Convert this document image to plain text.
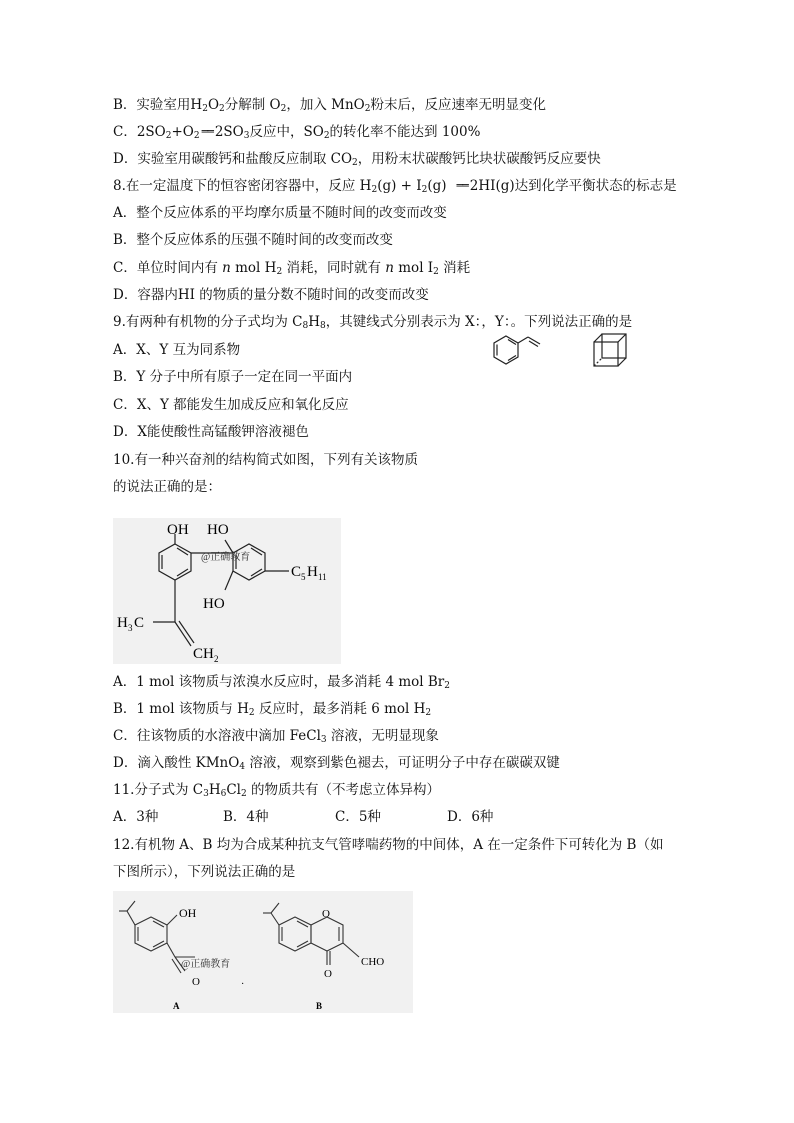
B．实验室用$H_2O_2$分解制 $O_2$，加入 MnO$_2$粉末后，反应速率无明显变化
C．$2SO_2+O_2$ ══ $2SO_3$反应中，$SO_2$的转化率不能达到 100%
D．实验室用碳酸钙和盐酸反应制取 $CO_2$，用粉末状碳酸钙比块状碳酸钙反应要快
8.在一定温度下的恒容密闭容器中，反应 $H_2(g) + I_2(g)$ ══ 2HI(g)达到化学平衡状态的标志是
A．整个反应体系的平均摩尔质量不随时间的改变而改变
B．整个反应体系的压强不随时间的改变而改变
C．单位时间内有 n mol $H_2$ 消耗，同时就有 n mol $I_2$ 消耗
D．容器内HI 的物质的量分数不随时间的改变而改变
9.有两种有机物的分子式均为 $C_8H_8$，其键线式分别表示为 X：，Y：。下列说法正确的是
A．X、Y 互为同系物
B．Y 分子中所有原子一定在同一平面内
C．X、Y 都能发生加成反应和氧化反应
D．X能使酸性高锰酸钾溶液褪色
10.有一种兴奋剂的结构简式如图，下列有关该物质
的说法正确的是：
OH HO
HO
@正确教育
C 5 H 11
H 3 C
CH 2
A．1 mol 该物质与浓溴水反应时，最多消耗 4 mol $Br_2$
B．1 mol 该物质与 $H_2$ 反应时，最多消耗 6 mol $H_2$
C．往该物质的水溶液中滴加 FeCl$_3$ 溶液，无明显现象
D．滴入酸性 KMnO$_4$ 溶液，观察到紫色褪去，可证明分子中存在碳碳双键
11.分子式为 $C_3H_6Cl_2$ 的物质共有（不考虑立体异构）
A．3种	B．4种	C．5种	D．6种
12.有机物 A、B 均为合成某种抗支气管哮喘药物的中间体，A 在一定条件下可转化为 B（如
下图所示），下列说法正确的是
OH
@正确教育
O
O
O
CHO
·
A	B
